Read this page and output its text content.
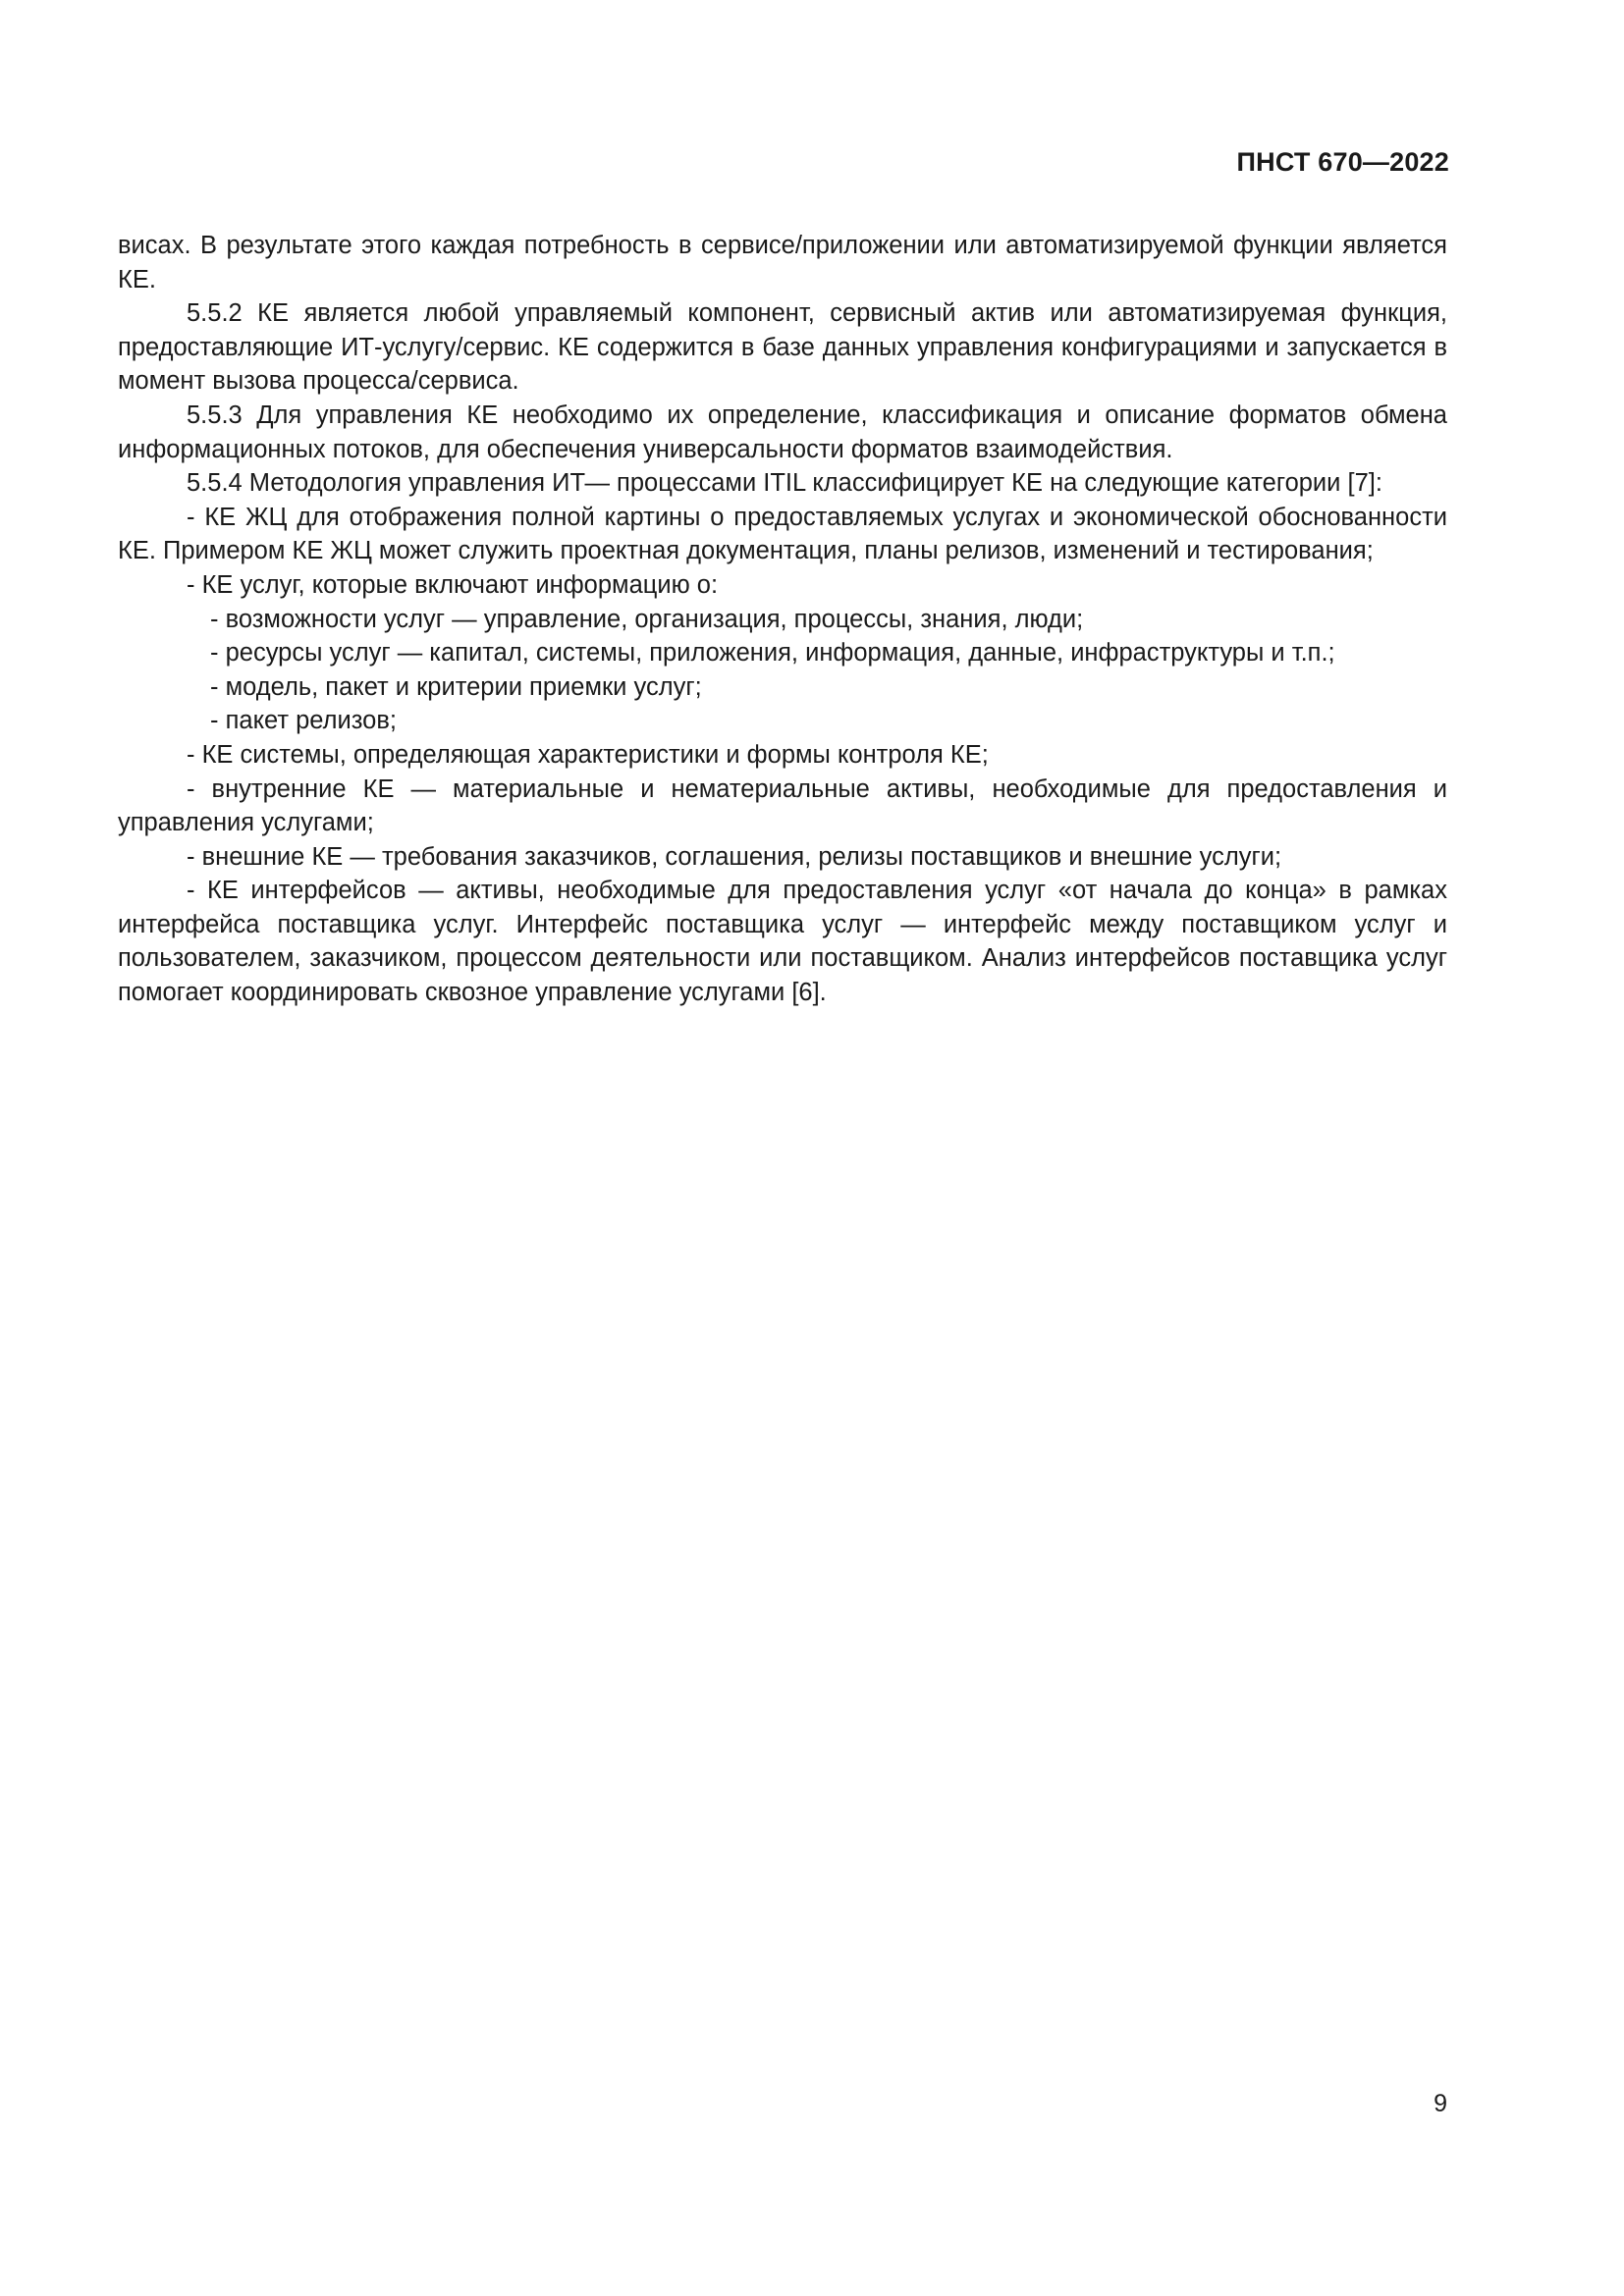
ПНСТ 670—2022

висах. В результате этого каждая потребность в сервисе/приложении или автоматизируемой функции является КЕ.

5.5.2 КЕ является любой управляемый компонент, сервисный актив или автоматизируемая функция, предоставляющие ИТ-услугу/сервис. КЕ содержится в базе данных управления конфигурациями и запускается в момент вызова процесса/сервиса.

5.5.3 Для управления КЕ необходимо их определение, классификация и описание форматов обмена информационных потоков, для обеспечения универсальности форматов взаимодействия.

5.5.4 Методология управления ИТ— процессами ITIL классифицирует КЕ на следующие категории [7]:

- КЕ ЖЦ для отображения полной картины о предоставляемых услугах и экономической обоснованности КЕ. Примером КЕ ЖЦ может служить проектная документация, планы релизов, изменений и тестирования;

- КЕ услуг, которые включают информацию о:

- возможности услуг — управление, организация, процессы, знания, люди;

- ресурсы услуг — капитал, системы, приложения, информация, данные, инфраструктуры и т.п.;

- модель, пакет и критерии приемки услуг;

- пакет релизов;

- КЕ системы, определяющая характеристики и формы контроля КЕ;

- внутренние КЕ — материальные и нематериальные активы, необходимые для предоставления и управления услугами;

- внешние КЕ — требования заказчиков, соглашения, релизы поставщиков и внешние услуги;

- КЕ интерфейсов — активы, необходимые для предоставления услуг «от начала до конца» в рамках интерфейса поставщика услуг. Интерфейс поставщика услуг — интерфейс между поставщиком услуг и пользователем, заказчиком, процессом деятельности или поставщиком. Анализ интерфейсов поставщика услуг помогает координировать сквозное управление услугами [6].

9
